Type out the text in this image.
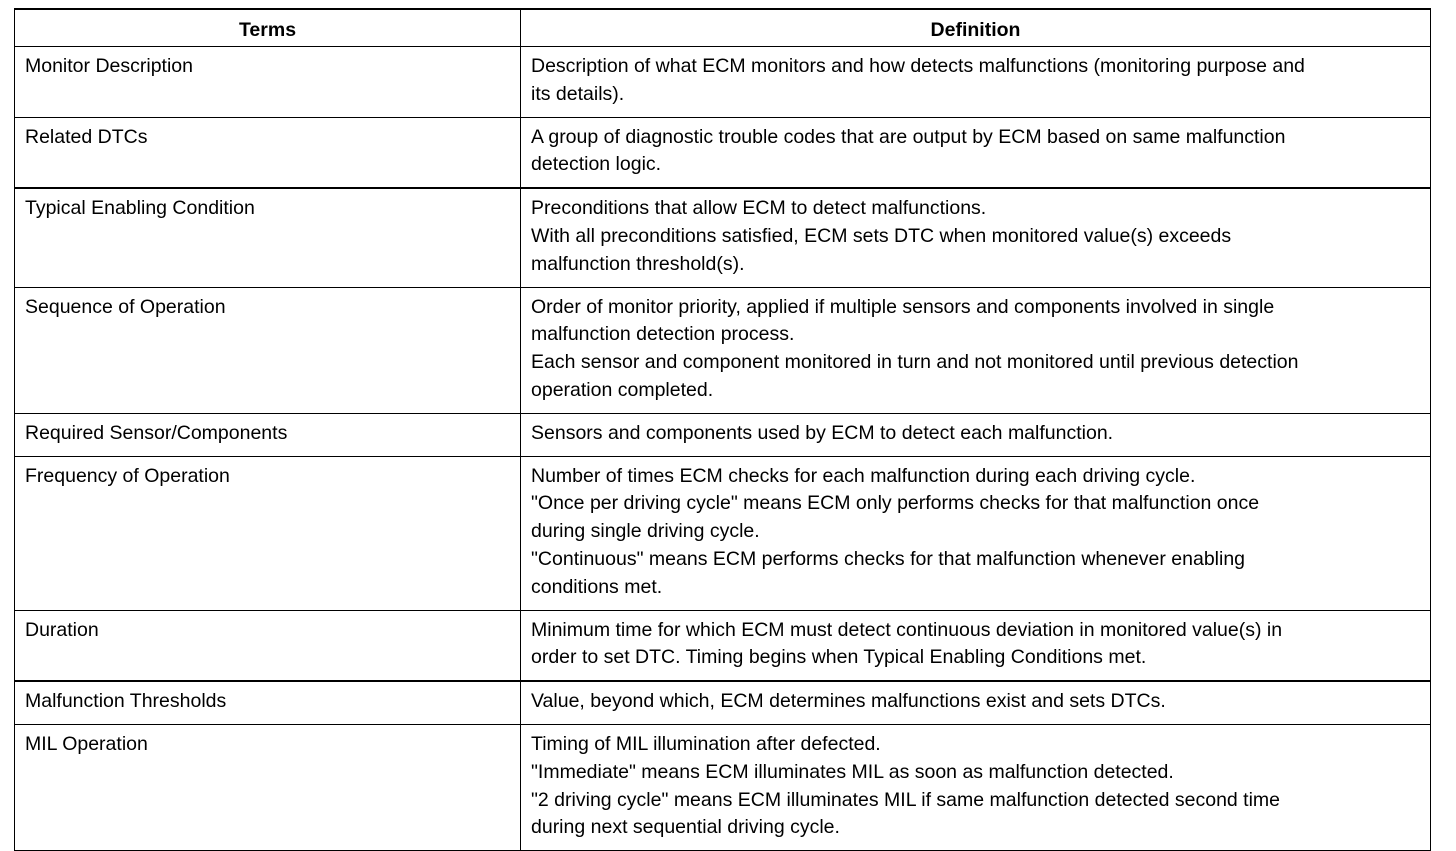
Terms	Definition
Monitor Description	Description of what ECM monitors and how detects malfunctions (monitoring purpose and
its details).

Related DTCs	A group of diagnostic trouble codes that are output by ECM based on same malfunction
detection logic.

Typical Enabling Condition	Preconditions that allow ECM to detect malfunctions.
With all preconditions satisfied, ECM sets DTC when monitored value(s) exceeds
malfunction threshold(s).

Sequence of Operation	Order of monitor priority, applied if multiple sensors and components involved in single
malfunction detection process.
Each sensor and component monitored in turn and not monitored until previous detection
operation completed.

Required Sensor/Components	Sensors and components used by ECM to detect each malfunction.

Frequency of Operation	Number of times ECM checks for each malfunction during each driving cycle.
"Once per driving cycle" means ECM only performs checks for that malfunction once
during single driving cycle.
"Continuous" means ECM performs checks for that malfunction whenever enabling
conditions met.

Duration	Minimum time for which ECM must detect continuous deviation in monitored value(s) in
order to set DTC. Timing begins when Typical Enabling Conditions met.

Malfunction Thresholds	Value, beyond which, ECM determines malfunctions exist and sets DTCs.

MIL Operation	Timing of MIL illumination after defected.
"Immediate" means ECM illuminates MIL as soon as malfunction detected.
"2 driving cycle" means ECM illuminates MIL if same malfunction detected second time
during next sequential driving cycle.
